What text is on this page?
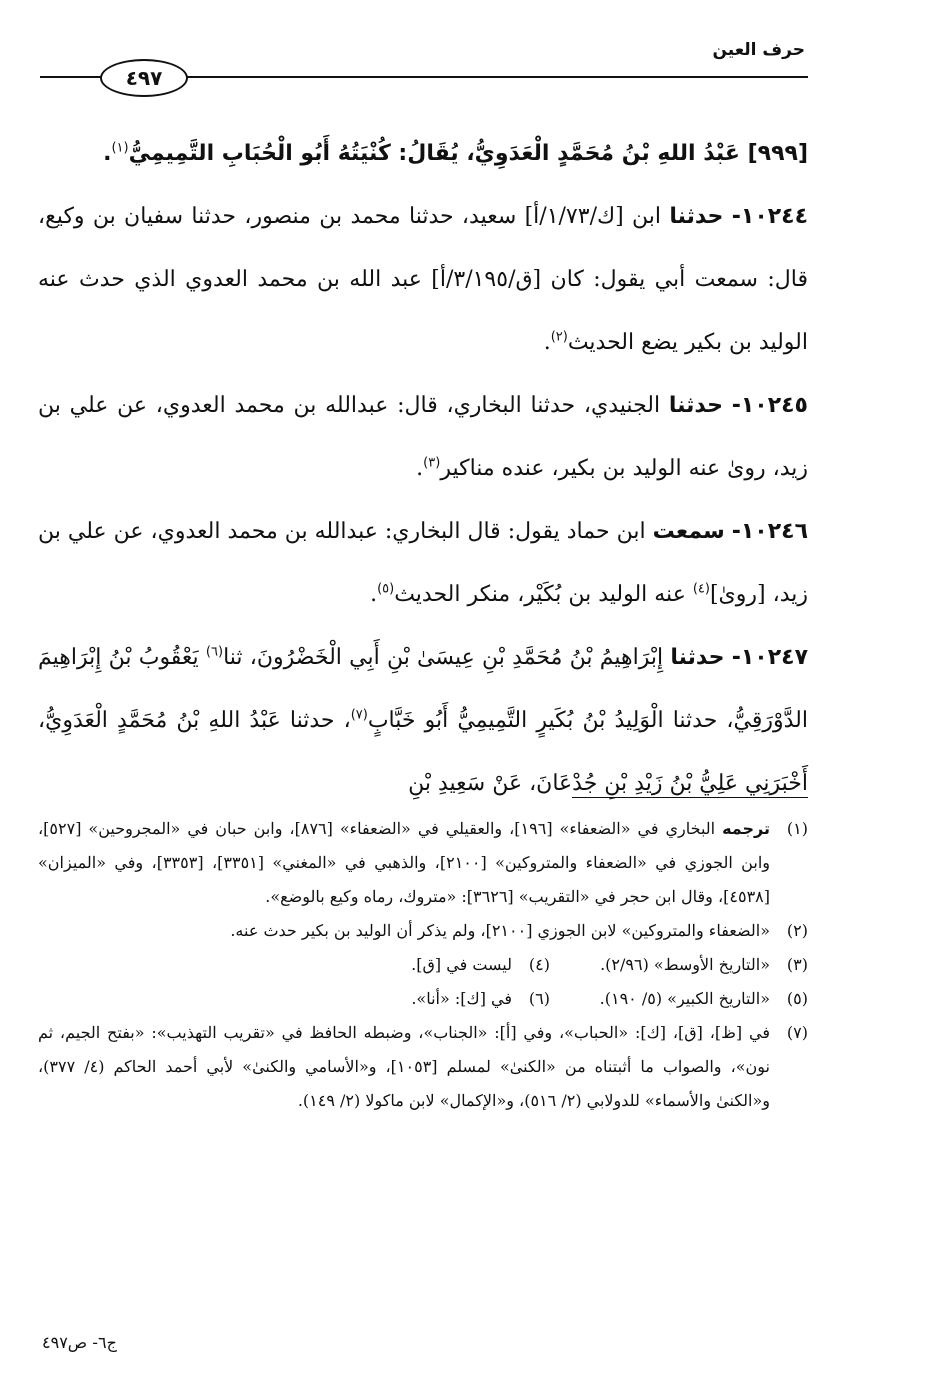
حرف العين
٤٩٧

[٩٩٩] عَبْدُ اللهِ بْنُ مُحَمَّدٍ الْعَدَوِيُّ، يُقَالُ: كُنْيَتُهُ أَبُو الْحُبَابِ التَّمِيمِيُّ$^{(١)}$.

١٠٢٤٤- حدثنا ابن [ك/١/٧٣/أ] سعيد، حدثنا محمد بن منصور، حدثنا سفيان بن وكيع، قال: سمعت أبي يقول: كان [ق/٣/١٩٥/أ] عبد الله بن محمد العدوي الذي حدث عنه الوليد بن بكير يضع الحديث$^{(٢)}$.

١٠٢٤٥- حدثنا الجنيدي، حدثنا البخاري، قال: عبدالله بن محمد العدوي، عن علي بن زيد، روىٰ عنه الوليد بن بكير، عنده مناكير$^{(٣)}$.

١٠٢٤٦- سمعت ابن حماد يقول: قال البخاري: عبدالله بن محمد العدوي، عن علي بن زيد، [روىٰ]$^{(٤)}$ عنه الوليد بن بُكَيْر، منكر الحديث$^{(٥)}$.

١٠٢٤٧- حدثنا إِبْرَاهِيمُ بْنُ مُحَمَّدِ بْنِ عِيسَىٰ بْنِ أَبِي الْخَضْرُونَ، ثنا$^{(٦)}$ يَعْقُوبُ بْنُ إِبْرَاهِيمَ الدَّوْرَقِيُّ، حدثنا الْوَلِيدُ بْنُ بُكَيرٍ التَّمِيمِيُّ أَبُو خَبَّابٍ$^{(٧)}$، حدثنا عَبْدُ اللهِ بْنُ مُحَمَّدٍ الْعَدَوِيُّ، أَخْبَرَنِي عَلِيُّ بْنُ زَيْدِ بْنِ جُدْعَانَ، عَنْ سَعِيدِ بْنِ

(١)
ترجمه البخاري في «الضعفاء» [١٩٦]، والعقيلي في «الضعفاء» [٨٧٦]، وابن حبان في «المجروحين» [٥٢٧]، وابن الجوزي في «الضعفاء والمتروكين» [٢١٠٠]، والذهبي في «المغني» [٣٣٥١]، [٣٣٥٣]، وفي «الميزان» [٤٥٣٨]، وقال ابن حجر في «التقريب» [٣٦٢٦]: «متروك، رماه وكيع بالوضع».
(٢)
«الضعفاء والمتروكين» لابن الجوزي [٢١٠٠]، ولم يذكر أن الوليد بن بكير حدث عنه.
(٣)
«التاريخ الأوسط» (٢/٩٦).
(٤)
ليست في [ق].
(٥)
«التاريخ الكبير» (٥/ ١٩٠).
(٦)
في [ك]: «أنا».
(٧)
في [ظ]، [ق]، [ك]: «الحباب»، وفي [أ]: «الجناب»، وضبطه الحافظ في «تقريب التهذيب»: «بفتح الجيم، ثم نون»، والصواب ما أثبتناه من «الكنىٰ» لمسلم [١٠٥٣]، و«الأسامي والكنىٰ» لأبي أحمد الحاكم (٤/ ٣٧٧)، و«الكنىٰ والأسماء» للدولابي (٢/ ٥١٦)، و«الإكمال» لابن ماكولا (٢/ ١٤٩).
ج٦- ص٤٩٧
